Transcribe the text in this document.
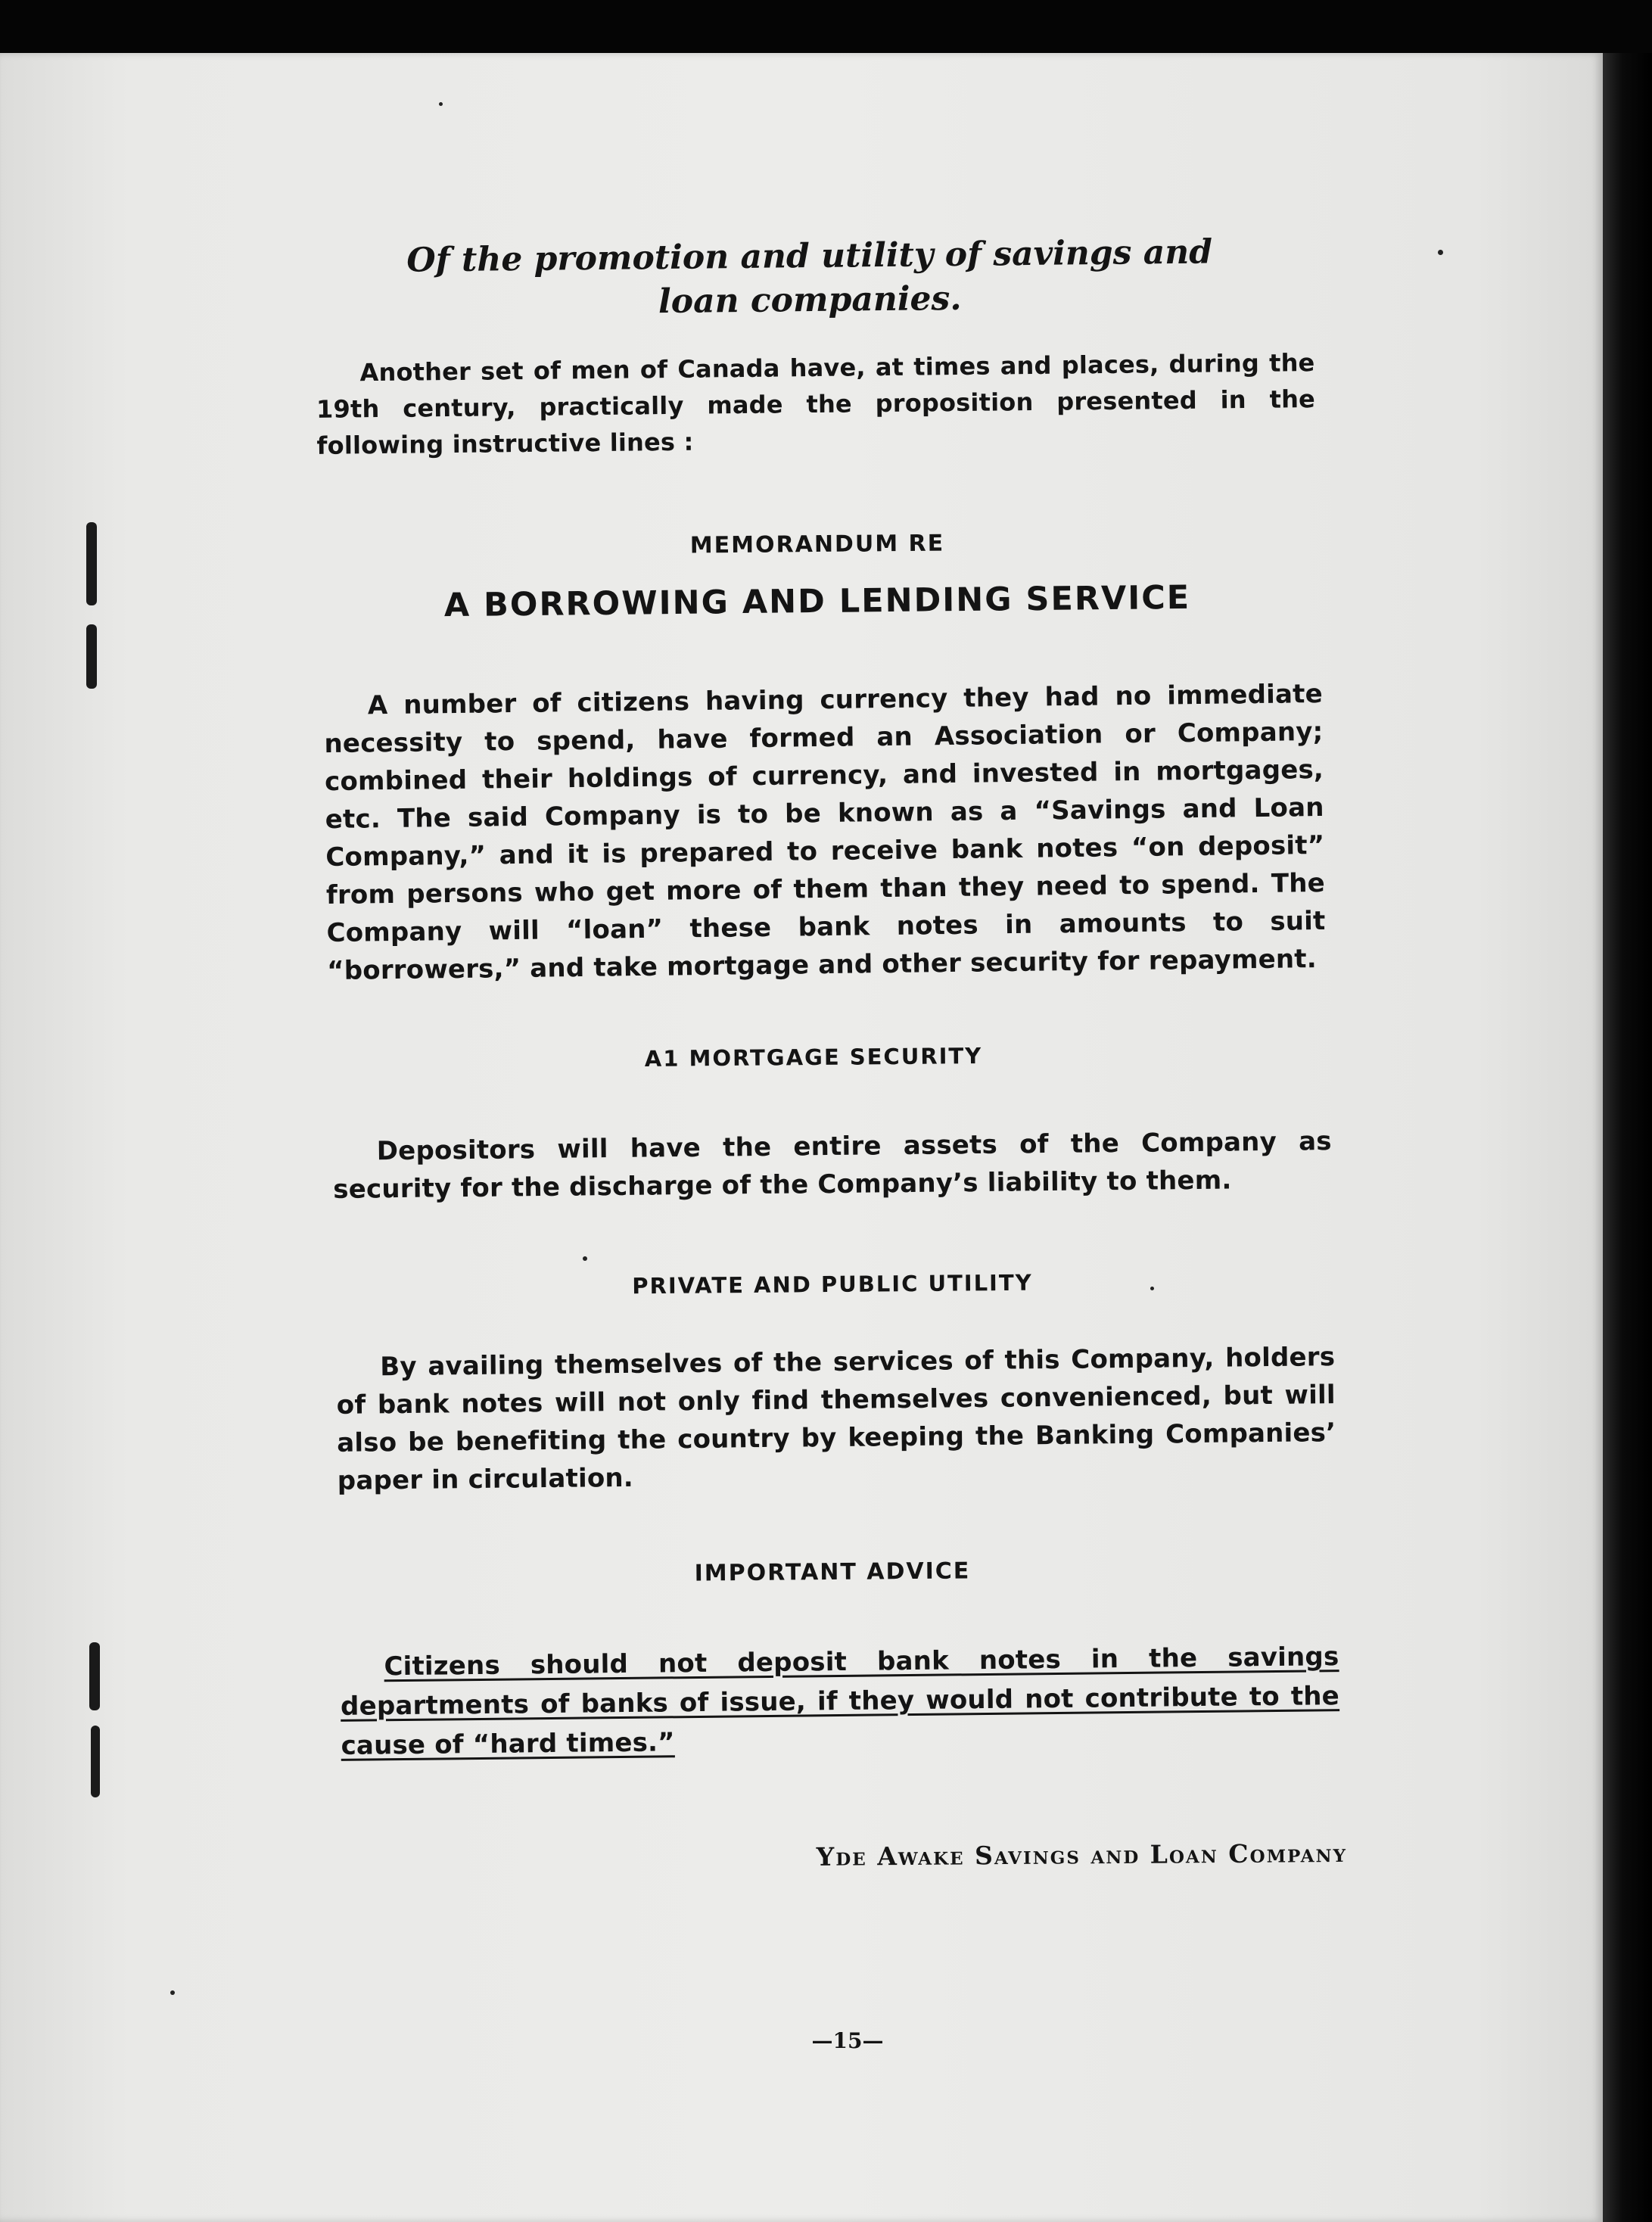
Of the promotion and utility of savings and loan companies.
Another set of men of Canada have, at times and places, during the 19th century, practically made the proposition presented in the following instructive lines :
MEMORANDUM RE
A BORROWING AND LENDING SERVICE
A number of citizens having currency they had no immediate necessity to spend, have formed an Association or Company; combined their holdings of currency, and invested in mortgages, etc. The said Company is to be known as a “Savings and Loan Company,” and it is prepared to receive bank notes “on deposit” from persons who get more of them than they need to spend. The Company will “loan” these bank notes in amounts to suit “borrowers,” and take mortgage and other security for repayment.
A1 MORTGAGE SECURITY
Depositors will have the entire assets of the Company as security for the discharge of the Company’s liability to them.
PRIVATE AND PUBLIC UTILITY
By availing themselves of the services of this Company, holders of bank notes will not only find themselves convenienced, but will also be benefiting the country by keeping the Banking Companies’ paper in circulation.
IMPORTANT ADVICE
Citizens should not deposit bank notes in the savings departments of banks of issue, if they would not contribute to the cause of “hard times.”
Yde Awake Savings and Loan Company
—15—
